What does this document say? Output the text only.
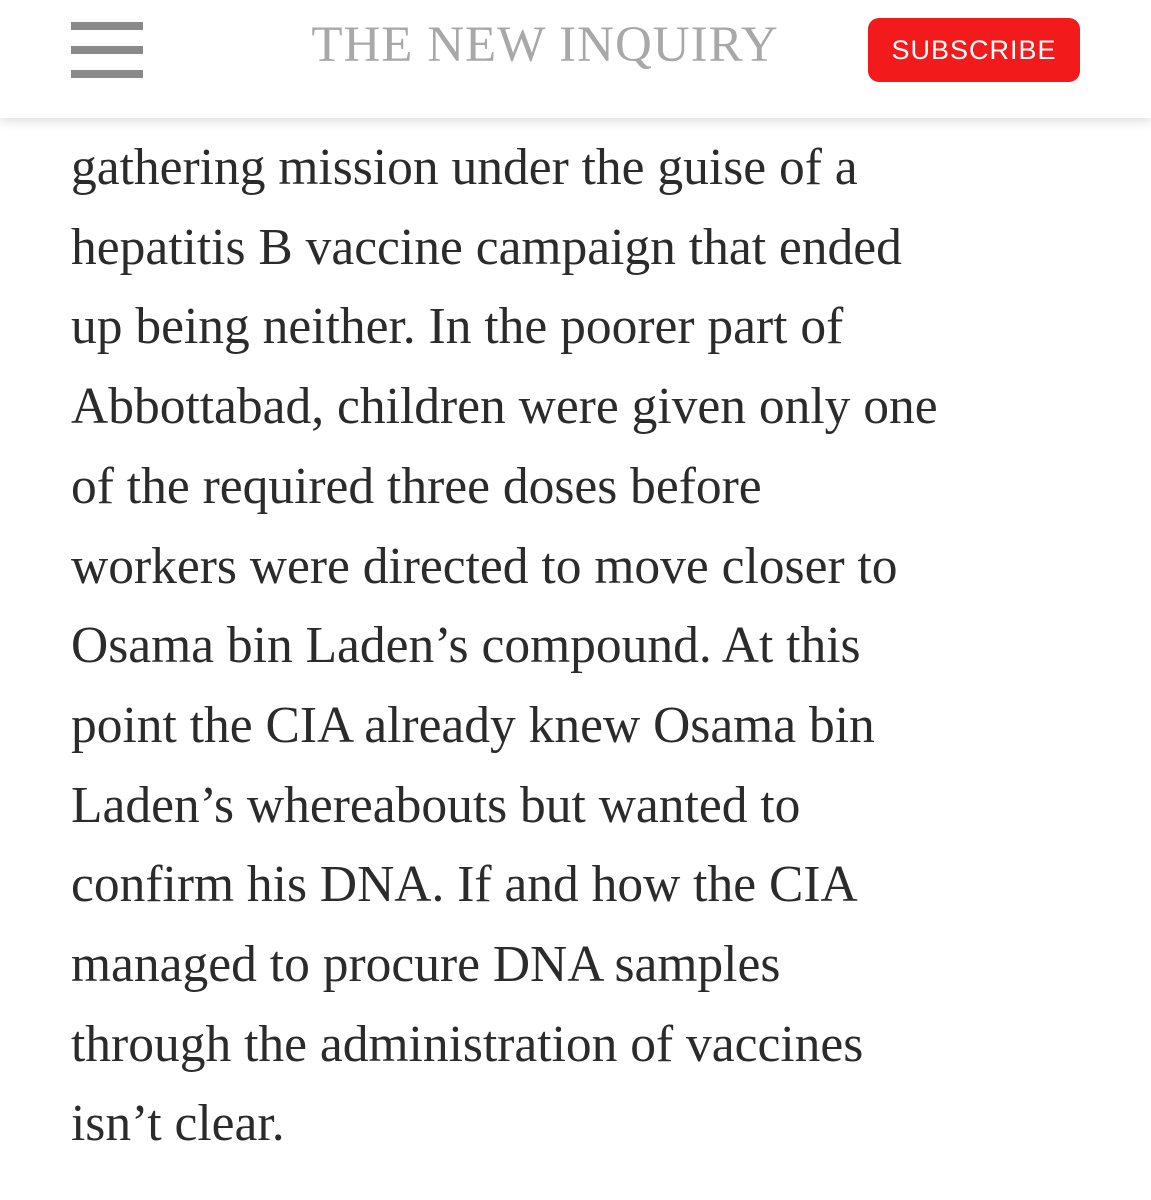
THE NEW INQUIRY	SUBSCRIBE
gathering mission under the guise of a
hepatitis B vaccine campaign that ended
up being neither. In the poorer part of
Abbottabad, children were given only one
of the required three doses before
workers were directed to move closer to
Osama bin Laden’s compound. At this
point the CIA already knew Osama bin
Laden’s whereabouts but wanted to
confirm his DNA. If and how the CIA
managed to procure DNA samples
through the administration of vaccines
isn’t clear.
